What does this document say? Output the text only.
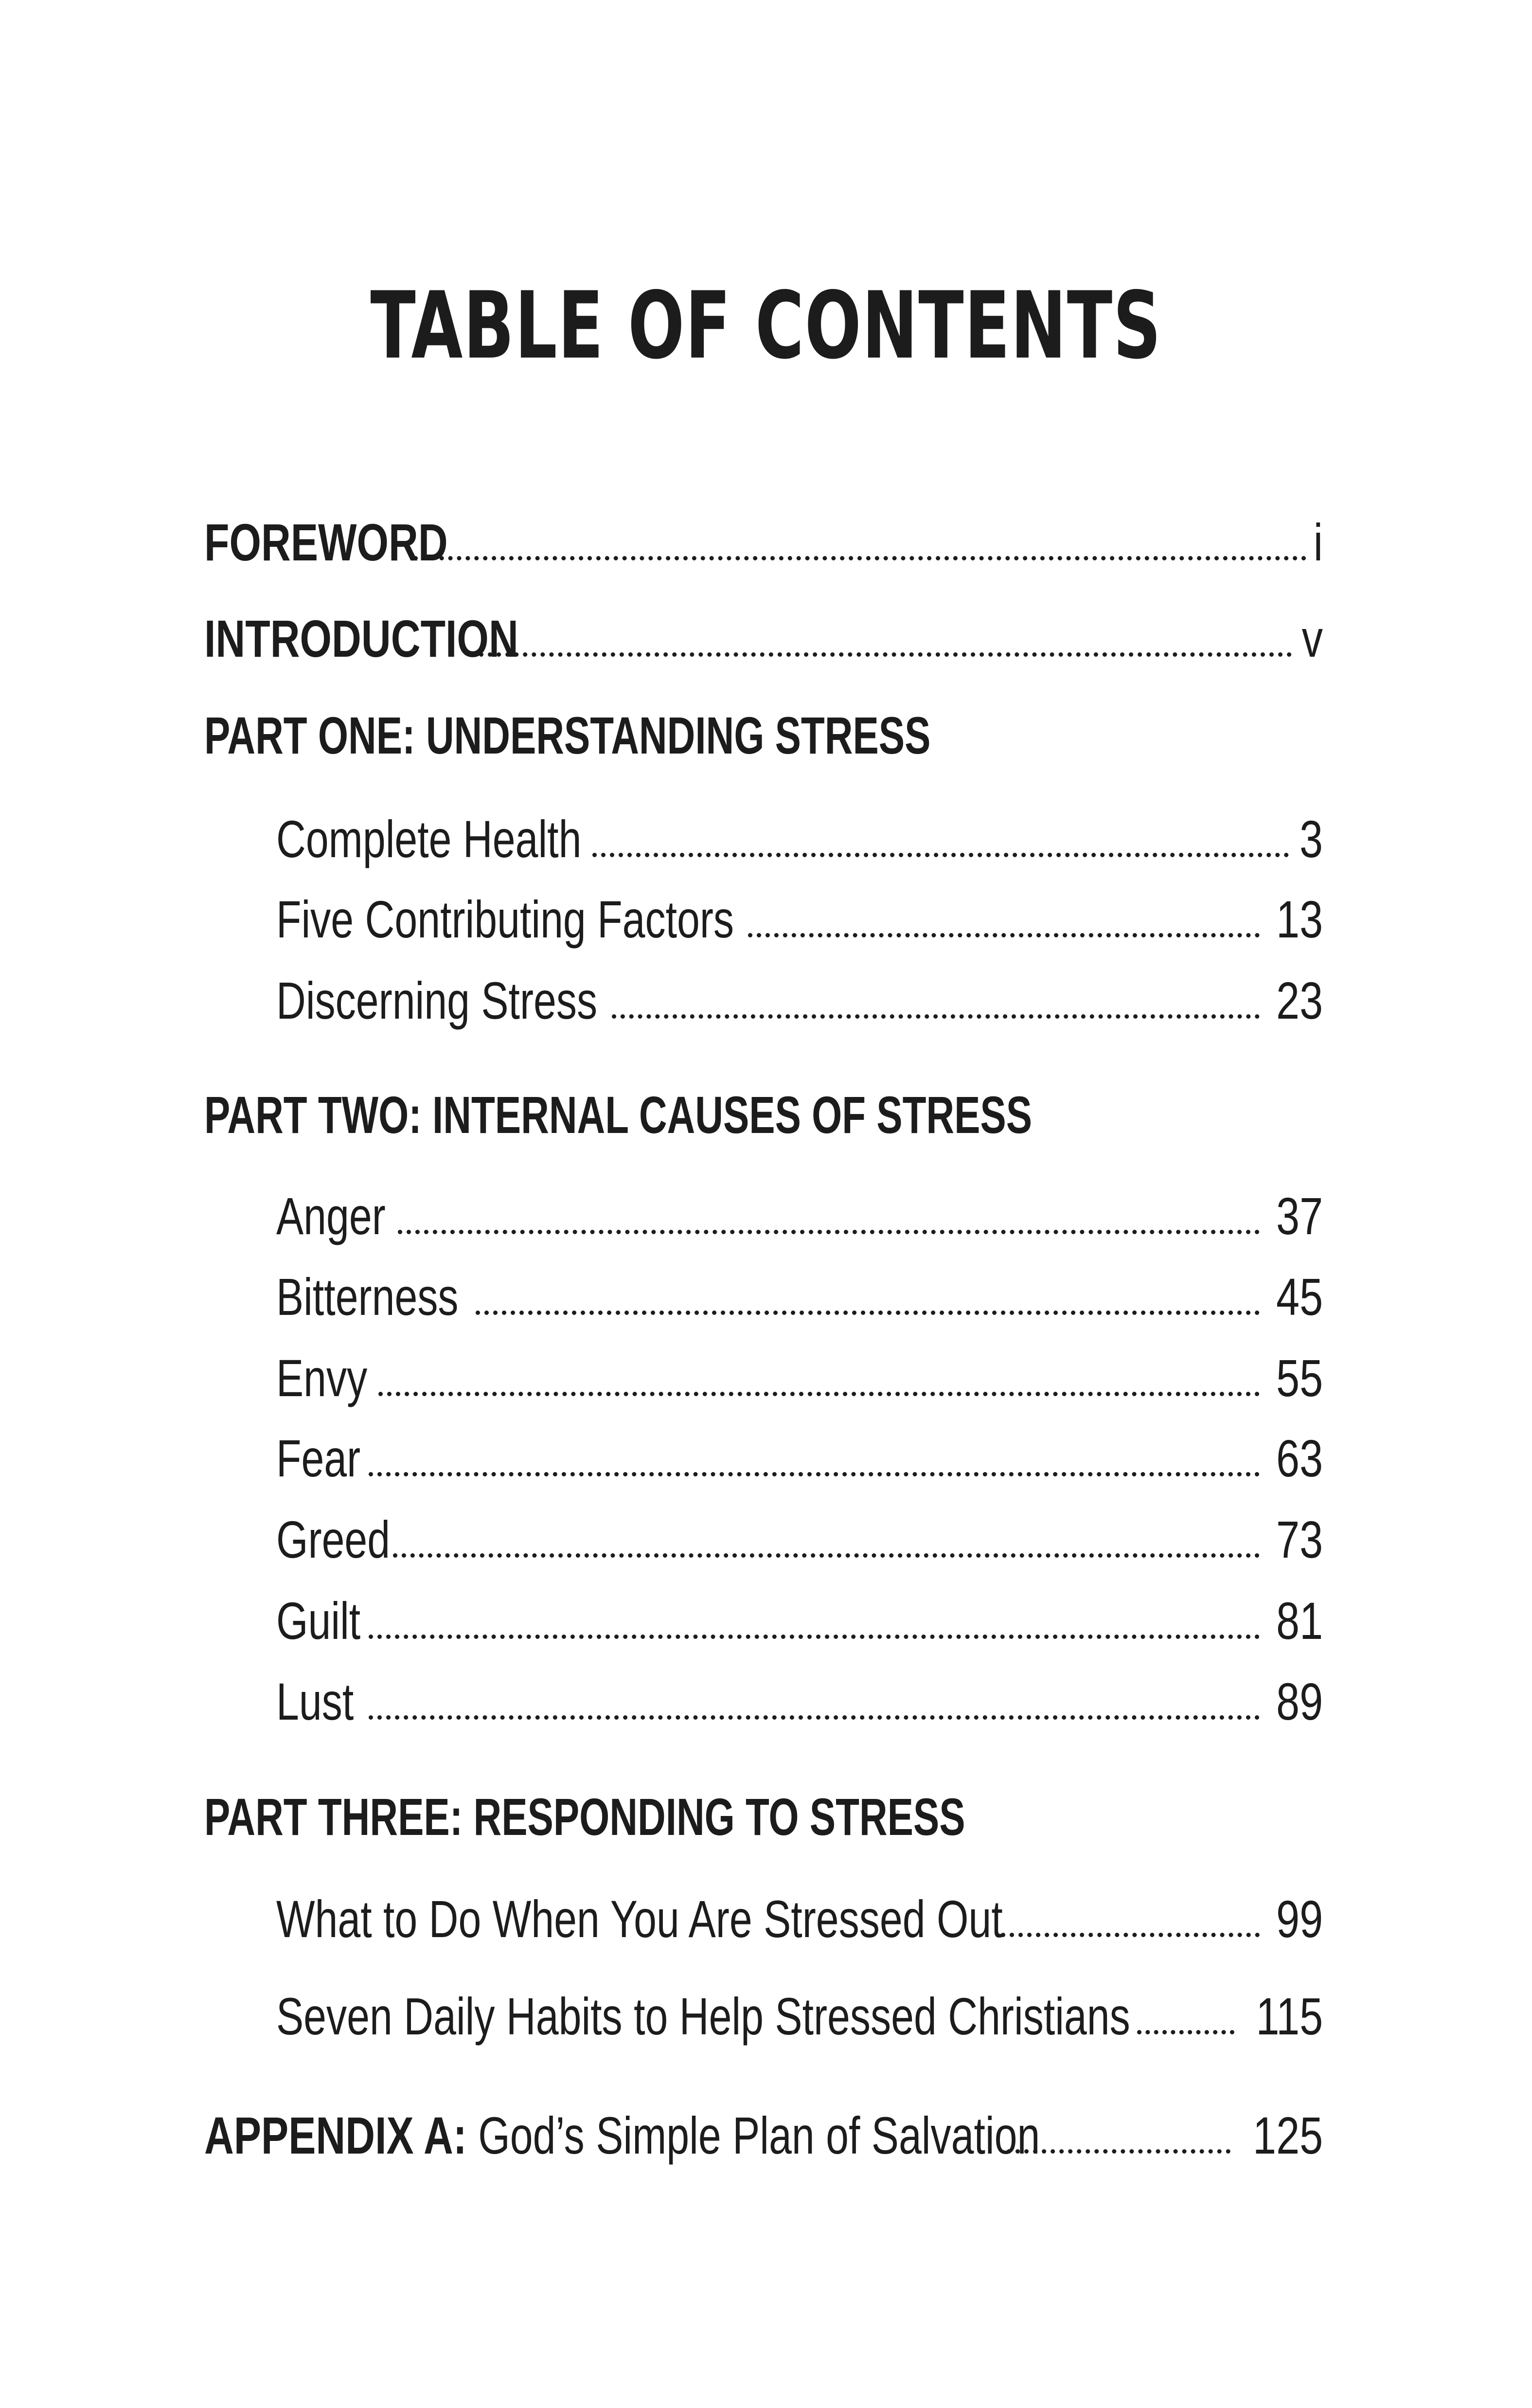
TABLE OF CONTENTS
FOREWORD	i
INTRODUCTION	v
PART ONE: UNDERSTANDING STRESS
Complete Health	3
Five Contributing Factors	13
Discerning Stress	23
PART TWO: INTERNAL CAUSES OF STRESS
Anger	37
Bitterness	45
Envy	55
Fear	63
Greed	73
Guilt	81
Lust	89
PART THREE: RESPONDING TO STRESS
What to Do When You Are Stressed Out	99
Seven Daily Habits to Help Stressed Christians 115
APPENDIX A: God’s Simple Plan of Salvation	125
